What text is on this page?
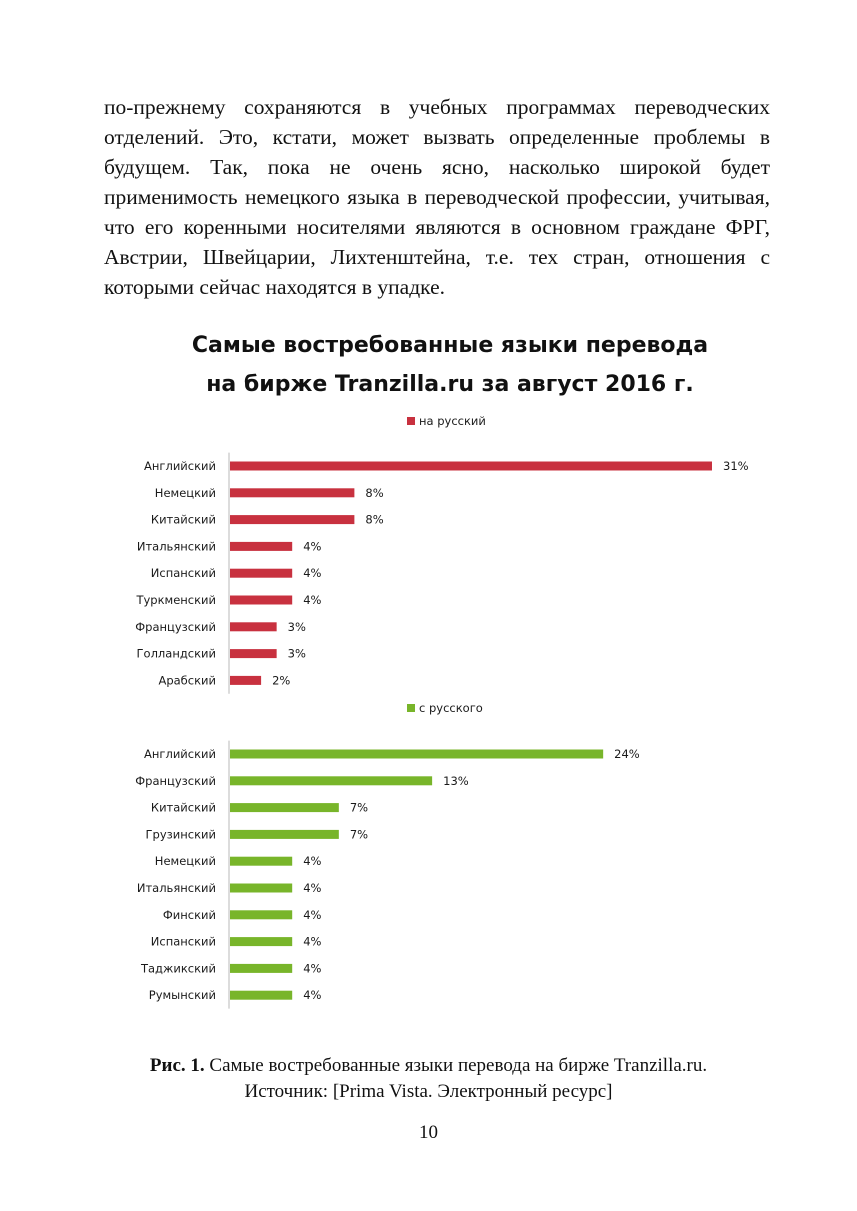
по-прежнему сохраняются в учебных программах переводческих отделений. Это, кстати, может вызвать определенные проблемы в будущем. Так, пока не очень ясно, насколько широкой будет применимость немецкого языка в переводческой профессии, учитывая, что его коренными носителями являются в основном граждане ФРГ, Австрии, Швейцарии, Лихтенштейна, т.е. тех стран, отношения с которыми сейчас находятся в упадке.

Самые востребованные языки перевода
на бирже Tranzilla.ru за август 2016 г.
на русский
Английский	31%
Немецкий	8%
Китайский	8%
Итальянский	4%
Испанский	4%
Туркменский	4%
Французский	3%
Голландский	3%
Арабский	2%
с русского
Английский	24%
Французский	13%
Китайский	7%
Грузинский	7%
Немецкий	4%
Итальянский	4%
Финский	4%
Испанский	4%
Таджикский	4%
Румынский	4%

Рис. 1. Самые востребованные языки перевода на бирже Tranzilla.ru.
Источник: [Prima Vista. Электронный ресурс]

10
